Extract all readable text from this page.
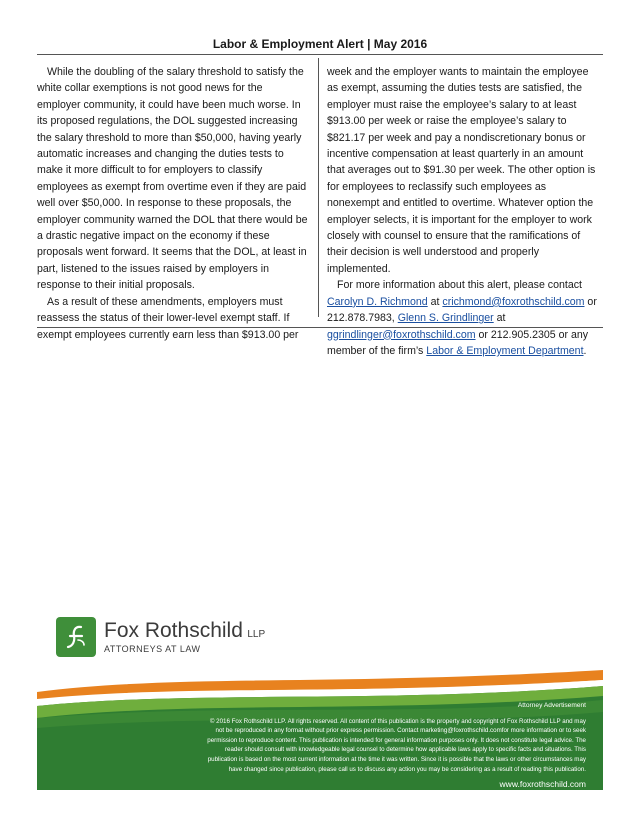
Labor & Employment Alert | May 2016

While the doubling of the salary threshold to satisfy the white collar exemptions is not good news for the employer community, it could have been much worse. In its proposed regulations, the DOL suggested increasing the salary threshold to more than $50,000, having yearly automatic increases and changing the duties tests to make it more difficult to for employers to classify employees as exempt from overtime even if they are paid well over $50,000. In response to these proposals, the employer community warned the DOL that there would be a drastic negative impact on the economy if these proposals went forward. It seems that the DOL, at least in part, listened to the issues raised by employers in response to their initial proposals.

As a result of these amendments, employers must reassess the status of their lower-level exempt staff. If exempt employees currently earn less than $913.00 per

week and the employer wants to maintain the employee as exempt, assuming the duties tests are satisfied, the employer must raise the employee’s salary to at least $913.00 per week or raise the employee’s salary to $821.17 per week and pay a nondiscretionary bonus or incentive compensation at least quarterly in an amount that averages out to $91.30 per week. The other option is for employees to reclassify such employees as nonexempt and entitled to overtime. Whatever option the employer selects, it is important for the employer to work closely with counsel to ensure that the ramifications of their decision is well understood and properly implemented.

For more information about this alert, please contact Carolyn D. Richmond at crichmond@foxrothschild.com or 212.878.7983, Glenn S. Grindlinger at ggrindlinger@foxrothschild.com or 212.905.2305 or any member of the firm’s Labor & Employment Department.

Fox Rothschild LLP
ATTORNEYS AT LAW
Attorney Advertisement
© 2016 Fox Rothschild LLP. All rights reserved. All content of this publication is the property and copyright of Fox Rothschild LLP and may not be reproduced in any format without prior express permission. Contact marketing@foxrothschild.comfor more information or to seek permission to reproduce content. This publication is intended for general information purposes only. It does not constitute legal advice. The reader should consult with knowledgeable legal counsel to determine how applicable laws apply to specific facts and situations. This publication is based on the most current information at the time it was written. Since it is possible that the laws or other circumstances may have changed since publication, please call us to discuss any action you may be considering as a result of reading this publication.
www.foxrothschild.com
